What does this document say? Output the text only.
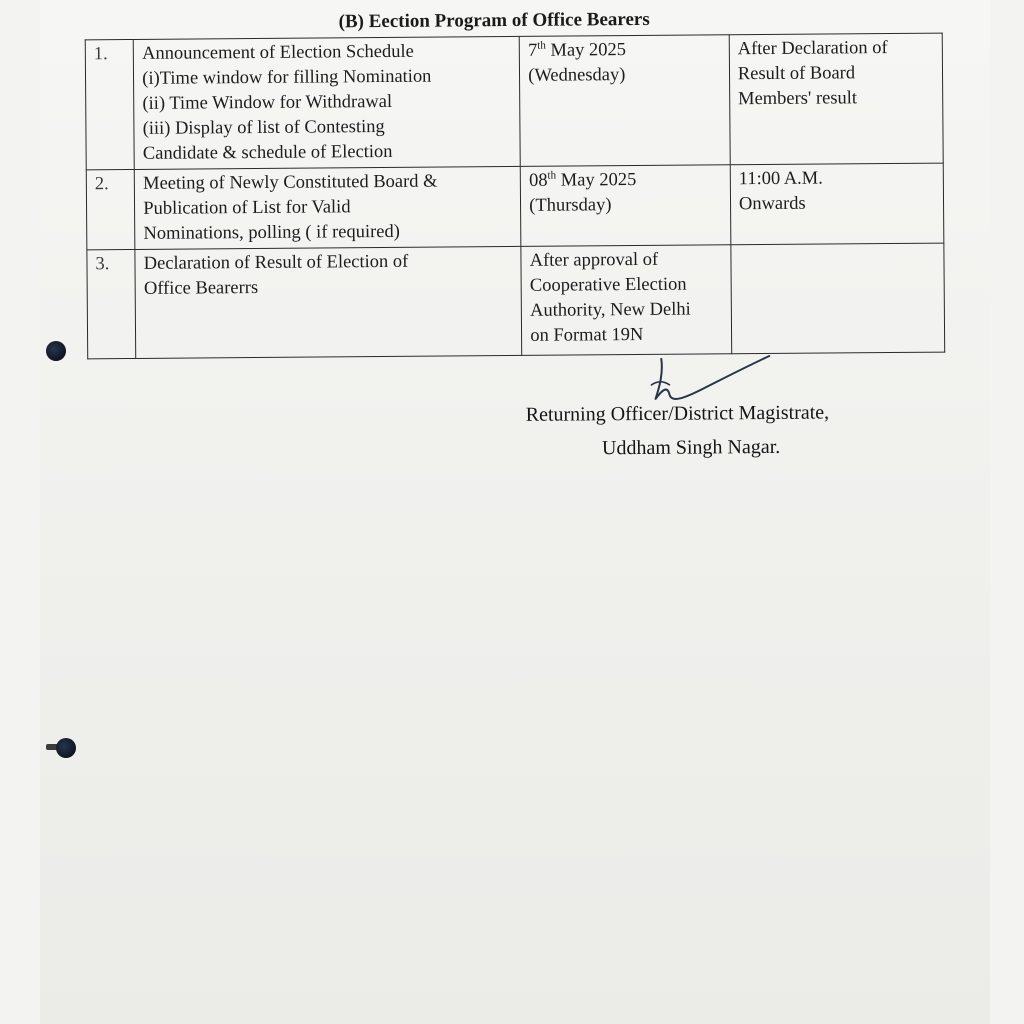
(B) Eection Program of Office Bearers
1.	Announcement of Election Schedule
(i)Time window for filling Nomination
(ii) Time Window for Withdrawal
(iii) Display of list of Contesting
Candidate & schedule of Election	7th May 2025
(Wednesday)	After Declaration of
Result of Board
Members' result

2.	Meeting of Newly Constituted Board &
Publication of List for Valid
Nominations, polling ( if required)	08th May 2025
(Thursday)	11:00 A.M.
Onwards

3.	Declaration of Result of Election of
Office Bearerrs	After approval of
Cooperative Election
Authority, New Delhi
on Format 19N	

Returning Officer/District Magistrate,
Uddham Singh Nagar.
